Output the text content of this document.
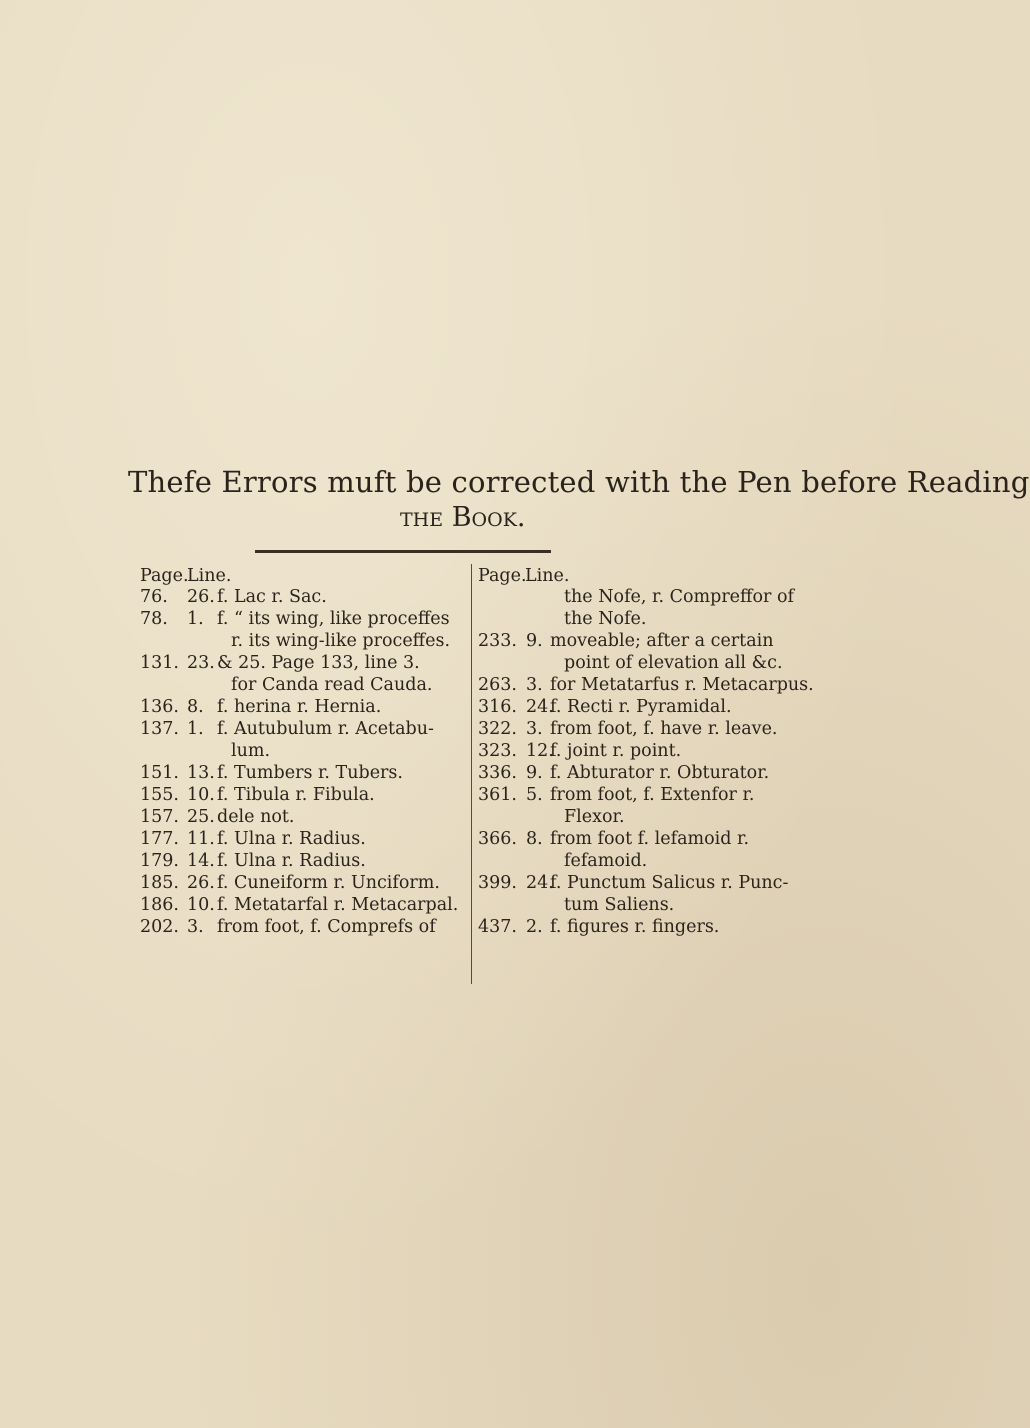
Thefe Errors muft be corrected with the Pen before Reading
the Book.
Page.
Line.
76.	26. f. Lac r. Sac.
78.	1. f. “ its wing, like proceffes
r. its wing-like proceffes.
131. 23. & 25. Page 133, line 3.
for Canda read Cauda.
136. 8. f. herina r. Hernia.
137. 1. f. Autubulum r. Acetabu-
lum.
151. 13. f. Tumbers r. Tubers.
155. 10. f. Tibula r. Fibula.
157. 25. dele not.
177. 11. f. Ulna r. Radius.
179. 14. f. Ulna r. Radius.
185. 26. f. Cuneiform r. Unciform.
186. 10. f. Metatarfal r. Metacarpal.
202. 3. from foot, f. Comprefs of
Page.
Line.
the Nofe, r. Compreffor of
the Nofe.
233. 9. moveable; after a certain
point of elevation all &c.
263. 3. for Metatarfus r. Metacarpus.
316. 24.
f. Recti r. Pyramidal.
322. 3. from foot, f. have r. leave.
323. 12.
f. joint r. point.
336. 9. f. Abturator r. Obturator.
361. 5. from foot, f. Extenfor r.
Flexor.
366. 8. from foot f. lefamoid r.
fefamoid.
399. 24.
f. Punctum Salicus r. Punc-
tum Saliens.
437. 2. f. figures r. fingers.
